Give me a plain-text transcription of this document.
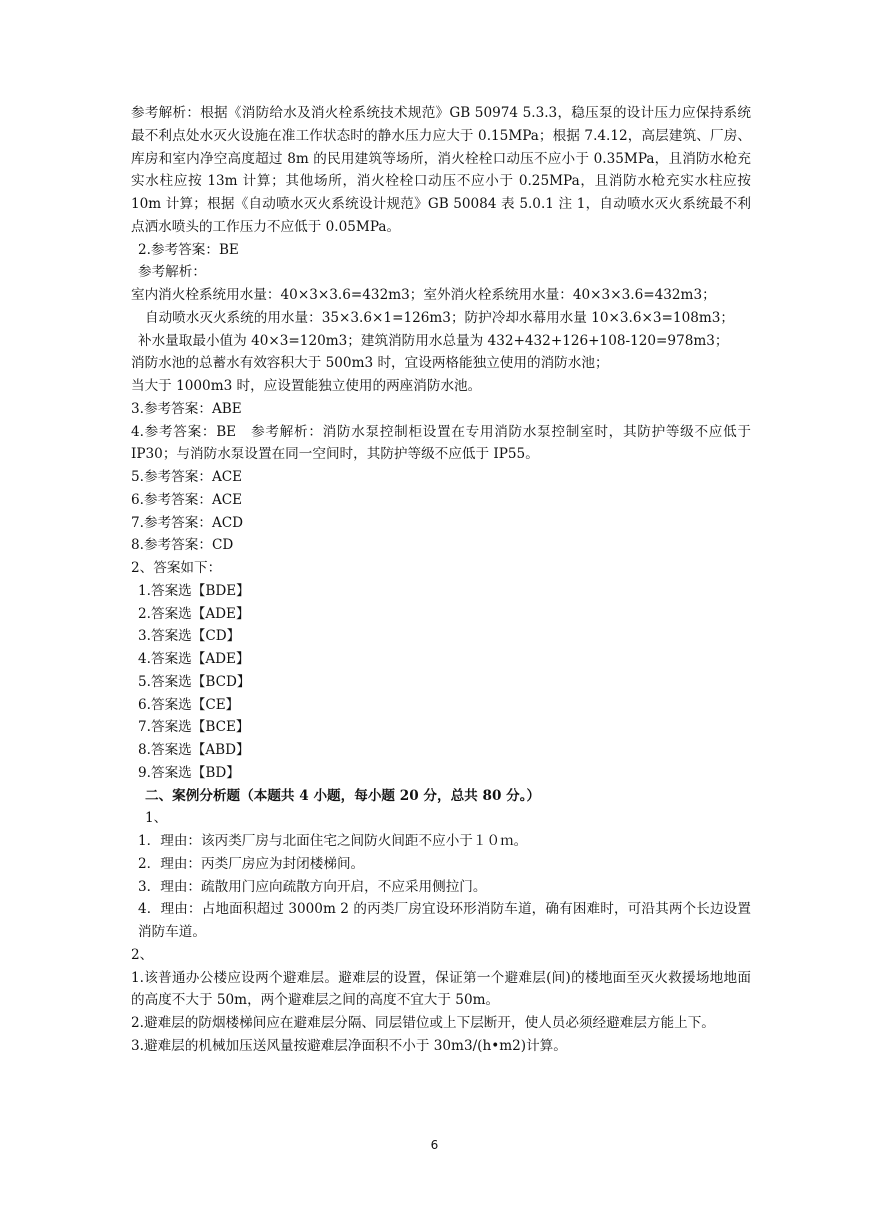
参考解析：根据《消防给水及消火栓系统技术规范》GB 50974 5.3.3，稳压泵的设计压力应保持系统最不利点处水灭火设施在准工作状态时的静水压力应大于 0.15MPa；根据 7.4.12，高层建筑、厂房、库房和室内净空高度超过 8m 的民用建筑等场所，消火栓栓口动压不应小于 0.35MPa，且消防水枪充实水柱应按 13m 计算；其他场所，消火栓栓口动压不应小于 0.25MPa，且消防水枪充实水柱应按 10m 计算；根据《自动喷水灭火系统设计规范》GB 50084 表 5.0.1 注 1，自动喷水灭火系统最不利点洒水喷头的工作压力不应低于 0.05MPa。

2.参考答案：BE

参考解析：

室内消火栓系统用水量：40×3×3.6=432m3；室外消火栓系统用水量：40×3×3.6=432m3；

自动喷水灭火系统的用水量：35×3.6×1=126m3；防护冷却水幕用水量 10×3.6×3=108m3；

补水量取最小值为 40×3=120m3；建筑消防用水总量为 432+432+126+108-120=978m3；

消防水池的总蓄水有效容积大于 500m3 时，宜设两格能独立使用的消防水池；

当大于 1000m3 时，应设置能独立使用的两座消防水池。

3.参考答案：ABE

4.参考答案：BE　参考解析：消防水泵控制柜设置在专用消防水泵控制室时，其防护等级不应低于 IP30；与消防水泵设置在同一空间时，其防护等级不应低于 IP55。

5.参考答案：ACE

6.参考答案：ACE

7.参考答案：ACD

8.参考答案：CD

2、答案如下：

1.答案选【BDE】

2.答案选【ADE】

3.答案选【CD】

4.答案选【ADE】

5.答案选【BCD】

6.答案选【CE】

7.答案选【BCE】

8.答案选【ABD】

9.答案选【BD】

二、案例分析题（本题共 4 小题，每小题 20 分，总共 80 分。）

1、

1．理由：该丙类厂房与北面住宅之间防火间距不应小于１０ｍ。

2．理由：丙类厂房应为封闭楼梯间。

3．理由：疏散用门应向疏散方向开启，不应采用侧拉门。

4．理由：占地面积超过 3000m 2 的丙类厂房宜设环形消防车道，确有困难时，可沿其两个长边设置消防车道。

2、

1.该普通办公楼应设两个避难层。避难层的设置，保证第一个避难层(间)的楼地面至灭火救援场地地面的高度不大于 50m，两个避难层之间的高度不宜大于 50m。

2.避难层的防烟楼梯间应在避难层分隔、同层错位或上下层断开，使人员必须经避难层方能上下。

3.避难层的机械加压送风量按避难层净面积不小于 30m3/(h•m2)计算。

6
